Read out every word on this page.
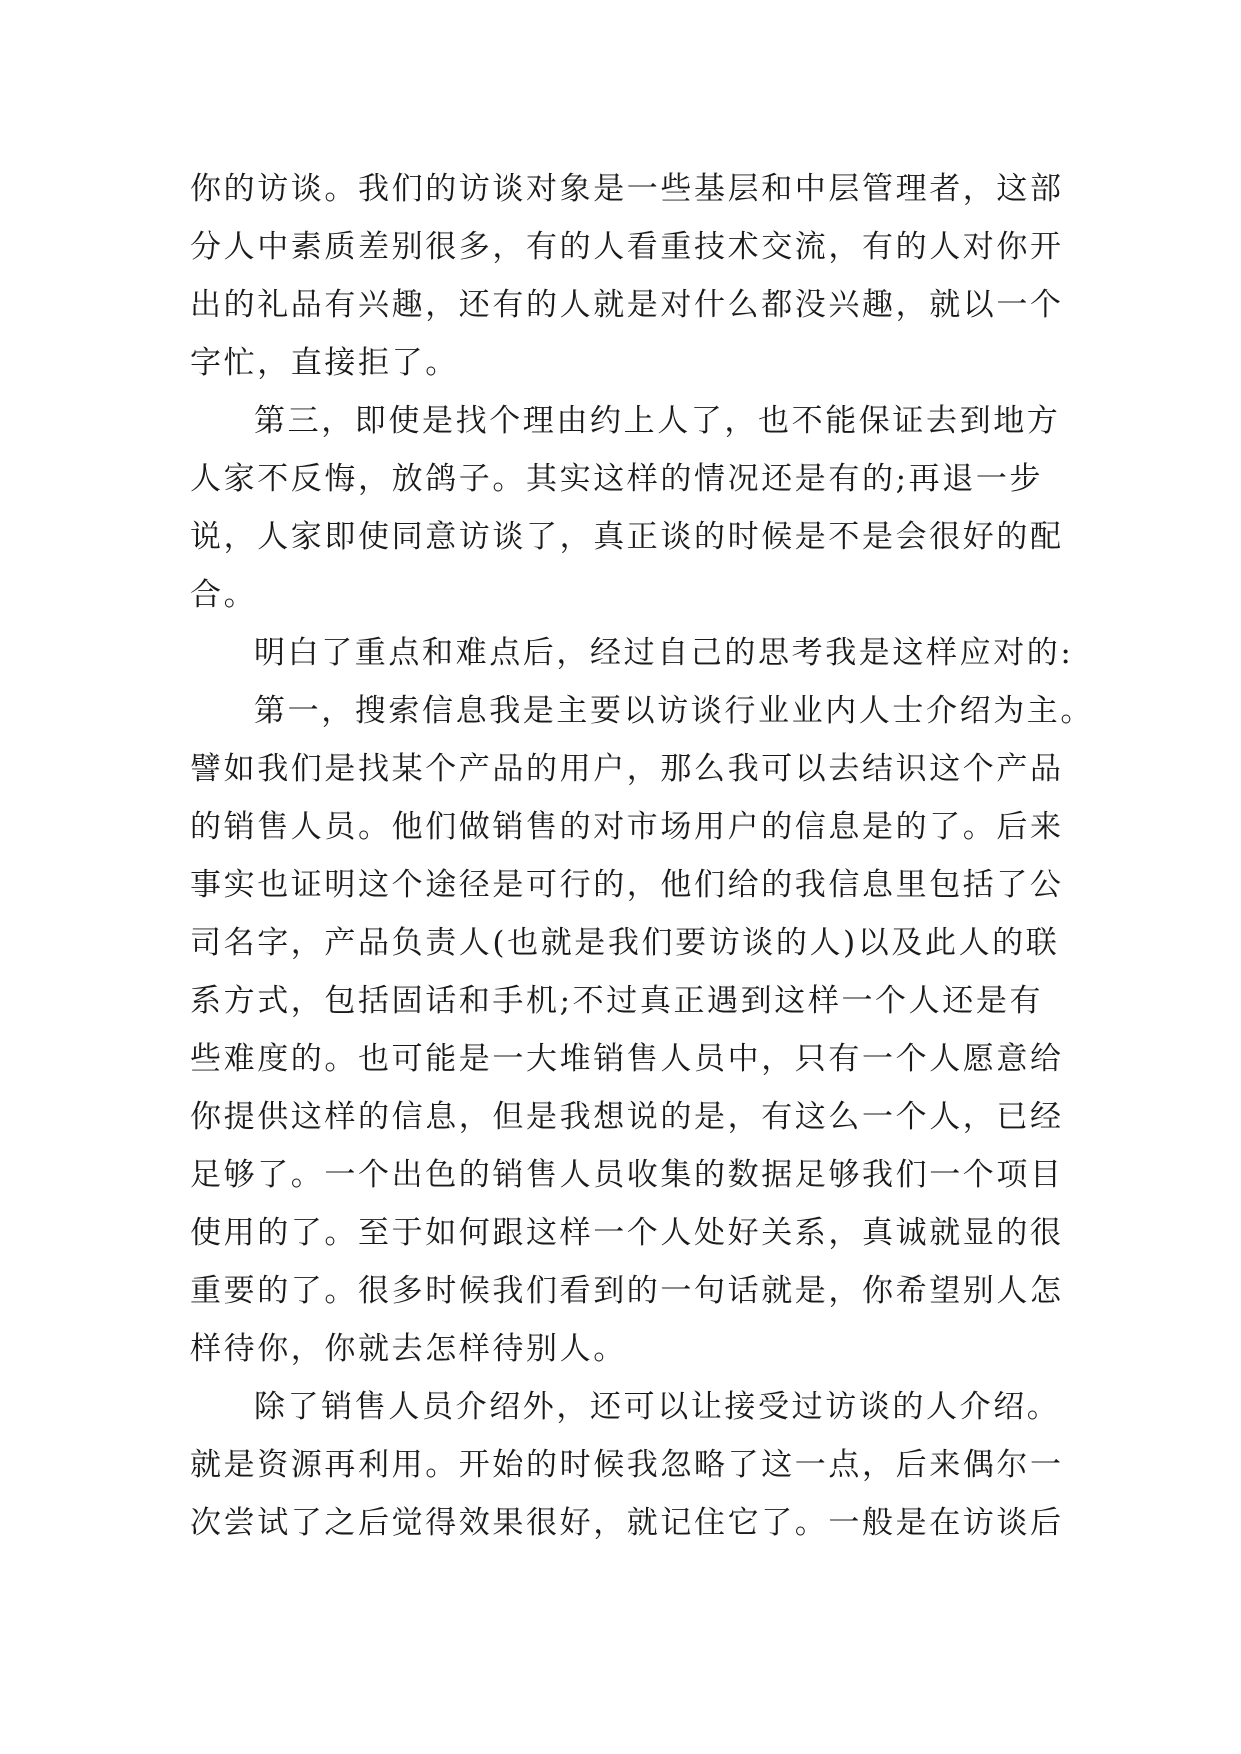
你的访谈。我们的访谈对象是一些基层和中层管理者，这部
分人中素质差别很多，有的人看重技术交流，有的人对你开
出的礼品有兴趣，还有的人就是对什么都没兴趣，就以一个
字忙，直接拒了。
第三，即使是找个理由约上人了，也不能保证去到地方
人家不反悔，放鸽子。其实这样的情况还是有的;再退一步
说，人家即使同意访谈了，真正谈的时候是不是会很好的配
合。
明白了重点和难点后，经过自己的思考我是这样应对的:
第一，搜索信息我是主要以访谈行业业内人士介绍为主。
譬如我们是找某个产品的用户，那么我可以去结识这个产品
的销售人员。他们做销售的对市场用户的信息是的了。后来
事实也证明这个途径是可行的，他们给的我信息里包括了公
司名字，产品负责人(也就是我们要访谈的人)以及此人的联
系方式，包括固话和手机;不过真正遇到这样一个人还是有
些难度的。也可能是一大堆销售人员中，只有一个人愿意给
你提供这样的信息，但是我想说的是，有这么一个人，已经
足够了。一个出色的销售人员收集的数据足够我们一个项目
使用的了。至于如何跟这样一个人处好关系，真诚就显的很
重要的了。很多时候我们看到的一句话就是，你希望别人怎
样待你，你就去怎样待别人。
除了销售人员介绍外，还可以让接受过访谈的人介绍。
就是资源再利用。开始的时候我忽略了这一点，后来偶尔一
次尝试了之后觉得效果很好，就记住它了。一般是在访谈后
